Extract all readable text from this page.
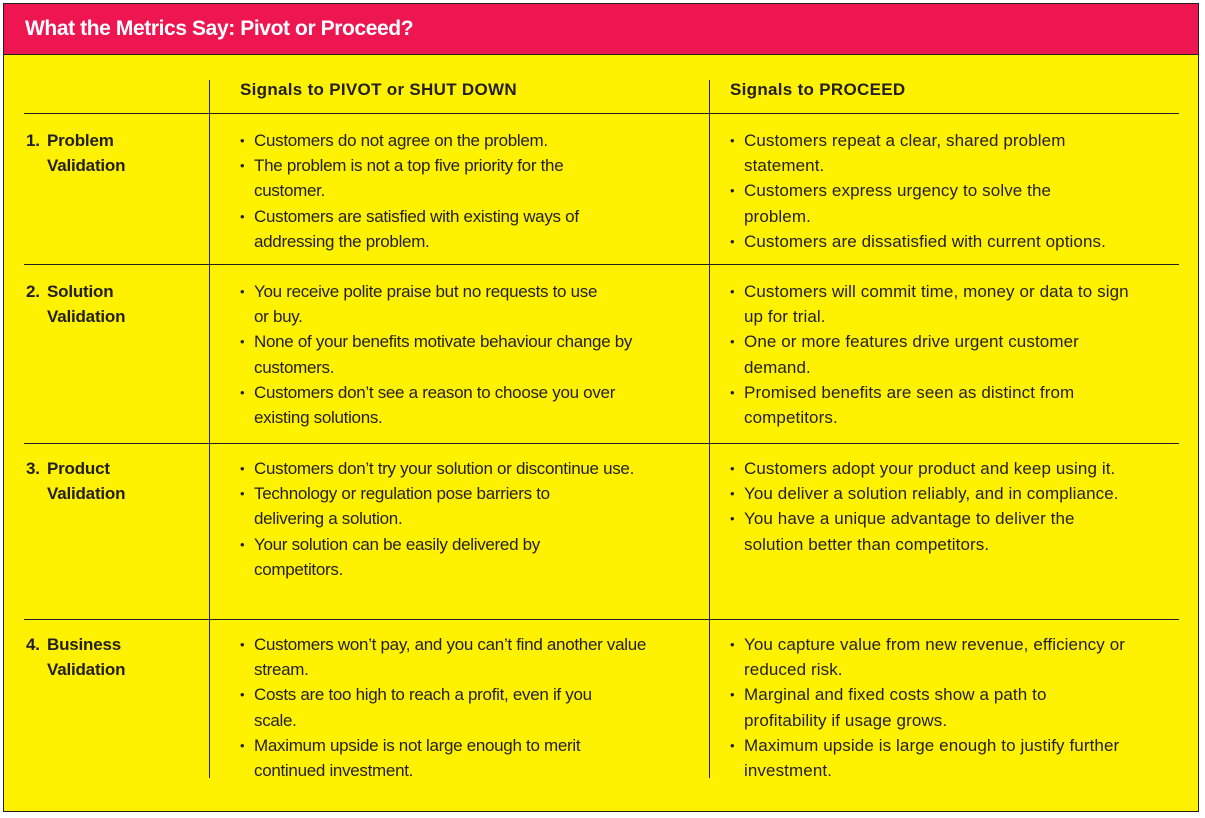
What the Metrics Say: Pivot or Proceed?
Signals to PIVOT or SHUT DOWN	Signals to PROCEED
1. Problem
Validation
• Customers do not agree on the problem.
• The problem is not a top five priority for the customer.
• Customers are satisfied with existing ways of addressing the problem.
• Customers repeat a clear, shared problem statement.
• Customers express urgency to solve the problem.
• Customers are dissatisfied with current options.
2. Solution
Validation
• You receive polite praise but no requests to use or buy.
• None of your benefits motivate behaviour change by customers.
• Customers don’t see a reason to choose you over existing solutions.
• Customers will commit time, money or data to sign up for trial.
• One or more features drive urgent customer demand.
• Promised benefits are seen as distinct from competitors.
3. Product
Validation
• Customers don’t try your solution or discontinue use.
• Technology or regulation pose barriers to delivering a solution.
• Your solution can be easily delivered by competitors.
• Customers adopt your product and keep using it.
• You deliver a solution reliably, and in compliance.
• You have a unique advantage to deliver the solution better than competitors.
4. Business
Validation
• Customers won’t pay, and you can’t find another value stream.
• Costs are too high to reach a profit, even if you scale.
• Maximum upside is not large enough to merit continued investment.
• You capture value from new revenue, efficiency or reduced risk.
• Marginal and fixed costs show a path to profitability if usage grows.
• Maximum upside is large enough to justify further investment.
